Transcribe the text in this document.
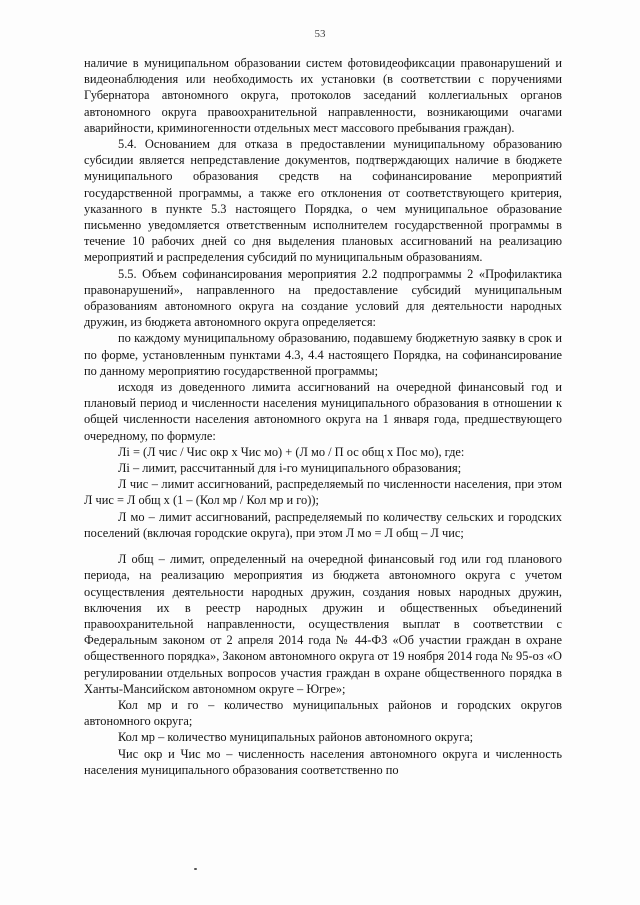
53

наличие в муниципальном образовании систем фотовидеофиксации правонарушений и видеонаблюдения или необходимость их установки (в соответствии с поручениями Губернатора автономного округа, протоколов заседаний коллегиальных органов автономного округа правоохранительной направленности, возникающими очагами аварийности, криминогенности отдельных мест массового пребывания граждан).

5.4. Основанием для отказа в предоставлении муниципальному образованию субсидии является непредставление документов, подтверждающих наличие в бюджете муниципального образования средств на софинансирование мероприятий государственной программы, а также его отклонения от соответствующего критерия, указанного в пункте 5.3 настоящего Порядка, о чем муниципальное образование письменно уведомляется ответственным исполнителем государственной программы в течение 10 рабочих дней со дня выделения плановых ассигнований на реализацию мероприятий и распределения субсидий по муниципальным образованиям.

5.5. Объем софинансирования мероприятия 2.2 подпрограммы 2 «Профилактика правонарушений», направленного на предоставление субсидий муниципальным образованиям автономного округа на создание условий для деятельности народных дружин, из бюджета автономного округа определяется:

по каждому муниципальному образованию, подавшему бюджетную заявку в срок и по форме, установленным пунктами 4.3, 4.4 настоящего Порядка, на софинансирование по данному мероприятию государственной программы;

исходя из доведенного лимита ассигнований на очередной финансовый год и плановый период и численности населения муниципального образования в отношении к общей численности населения автономного округа на 1 января года, предшествующего очередному, по формуле:

Лi = (Л чис / Чис окр х Чис мо) + (Л мо / П ос общ х Пос мо), где:

Лi – лимит, рассчитанный для i-го муниципального образования;

Л чис – лимит ассигнований, распределяемый по численности населения, при этом Л чис = Л общ х (1 – (Кол мр / Кол мр и го));

Л мо – лимит ассигнований, распределяемый по количеству сельских и городских поселений (включая городские округа), при этом Л мо = Л общ – Л чис;

Л общ – лимит, определенный на очередной финансовый год или год планового периода, на реализацию мероприятия из бюджета автономного округа с учетом осуществления деятельности народных дружин, создания новых народных дружин, включения их в реестр народных дружин и общественных объединений правоохранительной направленности, осуществления выплат в соответствии с Федеральным законом от 2 апреля 2014 года № 44-ФЗ «Об участии граждан в охране общественного порядка», Законом автономного округа от 19 ноября 2014 года № 95-оз «О регулировании отдельных вопросов участия граждан в охране общественного порядка в Ханты-Мансийском автономном округе – Югре»;

Кол мр и го – количество муниципальных районов и городских округов автономного округа;

Кол мр – количество муниципальных районов автономного округа;

Чис окр и Чис мо – численность населения автономного округа и численность населения муниципального образования соответственно по
